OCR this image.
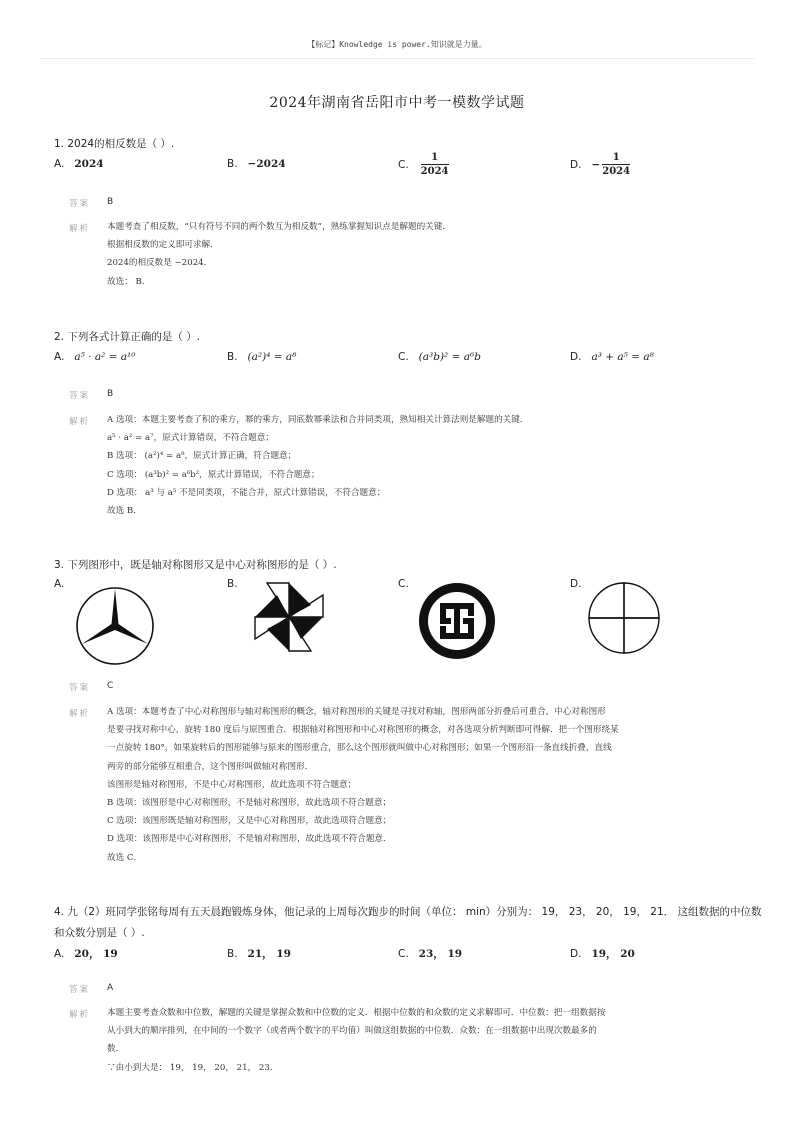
【标记】Knowledge is power.知识就是力量。
2024年湖南省岳阳市中考一模数学试题
1. 2024的相反数是（ ）.
A. 2024	B. −2024	C. $\frac{1}{2024}$	D. − $\frac{1}{2024}$
答案 B
解析 本题考查了相反数，“只有符号不同的两个数互为相反数”，熟练掌握知识点是解题的关键．
根据相反数的定义即可求解．
2024的相反数是 −2024．
故选： B．
2. 下列各式计算正确的是（ ）.
A. a⁵ · a² = a¹⁰	B. (a²)⁴ = a⁸	C. (a³b)² = a⁶b	D. a³ + a⁵ = a⁸
答案 B
解析 A 选项：本题主要考查了积的乘方，幂的乘方，同底数幂乘法和合并同类项，熟知相关计算法则是解题的关键．
a⁵ · a² = a⁷，原式计算错误，不符合题意；
B 选项： (a²)⁴ = a⁸，原式计算正确，符合题意；
C 选项： (a³b)² = a⁶b²，原式计算错误，不符合题意；
D 选项： a³ 与 a⁵ 不是同类项，不能合并，原式计算错误，不符合题意；
故选 B．
3. 下列图形中，既是轴对称图形又是中心对称图形的是（ ）.
A.	B.	C.	D.
答案 C
解析 A 选项：本题考查了中心对称图形与轴对称图形的概念，轴对称图形的关键是寻找对称轴，图形两部分折叠后可重合，中心对称图形
是要寻找对称中心，旋转 180 度后与原图重合．根据轴对称图形和中心对称图形的概念，对各选项分析判断即可得解．把一个图形绕某
一点旋转 180°，如果旋转后的图形能够与原来的图形重合，那么这个图形就叫做中心对称图形；如果一个图形沿一条直线折叠，直线
两旁的部分能够互相重合，这个图形叫做轴对称图形．
该图形是轴对称图形，不是中心对称图形，故此选项不符合题意；
B 选项：该图形是中心对称图形，不是轴对称图形，故此选项不符合题意；
C 选项：该图形既是轴对称图形，又是中心对称图形，故此选项符合题意；
D 选项：该图形是中心对称图形，不是轴对称图形，故此选项不符合题意．
故选 C．
4. 九（2）班同学张铭每周有五天晨跑锻炼身体，他记录的上周每次跑步的时间（单位： min）分别为： 19， 23， 20， 19， 21． 这组数据的中位数
和众数分别是（ ）.
A. 20， 19	B. 21， 19	C. 23， 19	D. 19， 20
答案 A
解析 本题主要考查众数和中位数，解题的关键是掌握众数和中位数的定义．根据中位数的和众数的定义求解即可．中位数：把一组数据按
从小到大的顺序排列，在中间的一个数字（或者两个数字的平均值）叫做这组数据的中位数．众数：在一组数据中出现次数最多的
数．
∵由小到大是： 19， 19， 20， 21， 23．
